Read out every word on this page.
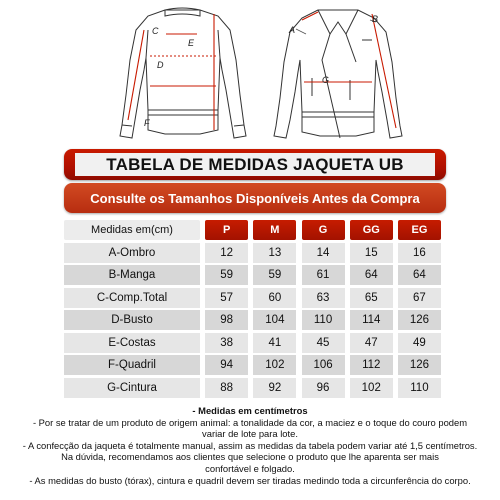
C
E
D
F
A
B
G
TABELA DE MEDIDAS JAQUETA UB
Consulte os Tamanhos Disponíveis Antes da Compra
Medidas em(cm)	P	M	G	GG	EG
A-Ombro	12	13	14	15	16
B-Manga	59	59	61	64	64
C-Comp.Total	57	60	63	65	67
D-Busto	98	104	110	114	126
E-Costas	38	41	45	47	49
F-Quadril	94	102	106	112	126
G-Cintura	88	92	96	102	110
- Medidas em centímetros
- Por se tratar de um produto de origem animal: a tonalidade da cor, a maciez e o toque do couro podem
variar de lote para lote.
- A confecção da jaqueta é totalmente manual, assim as medidas da tabela podem variar até 1,5 centímetros.
Na dúvida, recomendamos aos clientes que selecione o produto que lhe aparenta ser mais
confortável e folgado.
- As medidas do busto (tórax), cintura e quadril devem ser tiradas medindo toda a circunferência do corpo.
